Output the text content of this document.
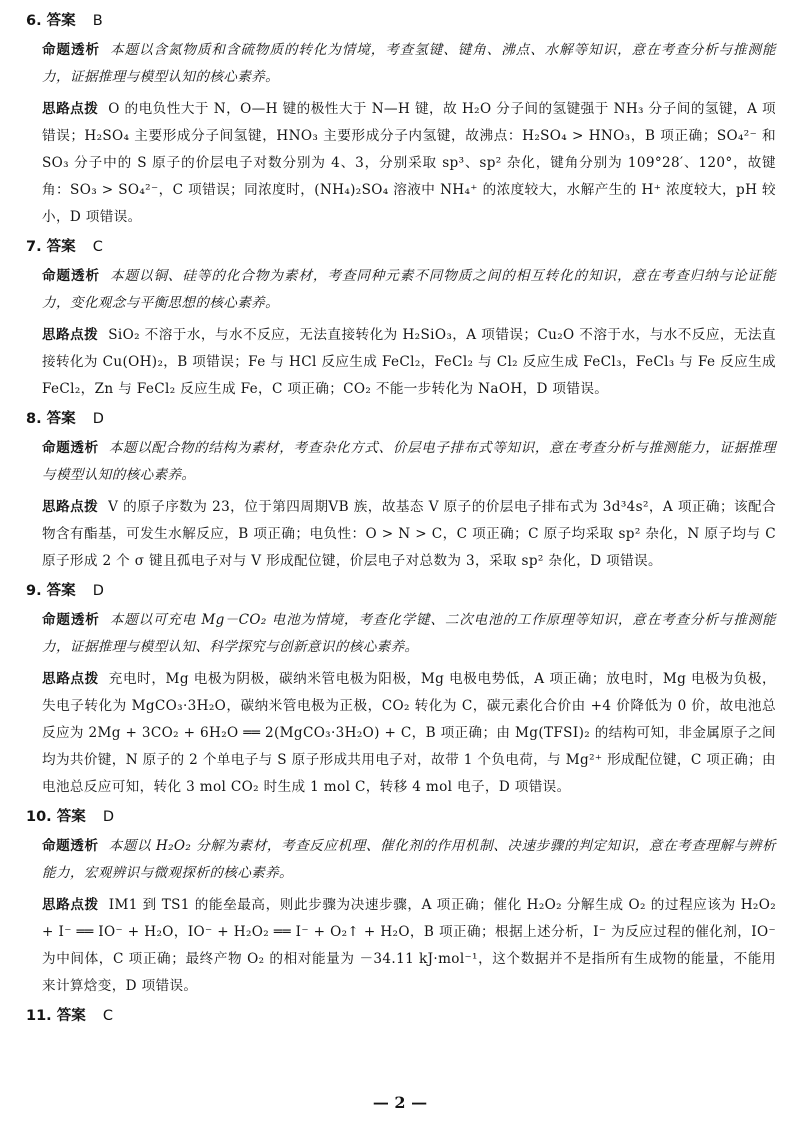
6. 答案 B
命题透析 本题以含氮物质和含硫物质的转化为情境，考查氢键、键角、沸点、水解等知识，意在考查分析与推测能力，证据推理与模型认知的核心素养。
思路点拨 O 的电负性大于 N，O—H 键的极性大于 N—H 键，故 H₂O 分子间的氢键强于 NH₃ 分子间的氢键，A 项错误；H₂SO₄ 主要形成分子间氢键，HNO₃ 主要形成分子内氢键，故沸点：H₂SO₄ > HNO₃，B 项正确；SO₄²⁻ 和 SO₃ 分子中的 S 原子的价层电子对数分别为 4、3，分别采取 sp³、sp² 杂化，键角分别为 109°28′、120°，故键角：SO₃ > SO₄²⁻，C 项错误；同浓度时，(NH₄)₂SO₄ 溶液中 NH₄⁺ 的浓度较大，水解产生的 H⁺ 浓度较大，pH 较小，D 项错误。
7. 答案 C
命题透析 本题以铜、硅等的化合物为素材，考查同种元素不同物质之间的相互转化的知识，意在考查归纳与论证能力，变化观念与平衡思想的核心素养。
思路点拨 SiO₂ 不溶于水，与水不反应，无法直接转化为 H₂SiO₃，A 项错误；Cu₂O 不溶于水，与水不反应，无法直接转化为 Cu(OH)₂，B 项错误；Fe 与 HCl 反应生成 FeCl₂，FeCl₂ 与 Cl₂ 反应生成 FeCl₃，FeCl₃ 与 Fe 反应生成 FeCl₂，Zn 与 FeCl₂ 反应生成 Fe，C 项正确；CO₂ 不能一步转化为 NaOH，D 项错误。
8. 答案 D
命题透析 本题以配合物的结构为素材，考查杂化方式、价层电子排布式等知识，意在考查分析与推测能力，证据推理与模型认知的核心素养。
思路点拨 V 的原子序数为 23，位于第四周期ⅤB 族，故基态 V 原子的价层电子排布式为 3d³4s²，A 项正确；该配合物含有酯基，可发生水解反应，B 项正确；电负性：O > N > C，C 项正确；C 原子均采取 sp² 杂化，N 原子均与 C 原子形成 2 个 σ 键且孤电子对与 V 形成配位键，价层电子对总数为 3，采取 sp² 杂化，D 项错误。
9. 答案 D
命题透析 本题以可充电 Mg－CO₂ 电池为情境，考查化学键、二次电池的工作原理等知识，意在考查分析与推测能力，证据推理与模型认知、科学探究与创新意识的核心素养。
思路点拨 充电时，Mg 电极为阴极，碳纳米管电极为阳极，Mg 电极电势低，A 项正确；放电时，Mg 电极为负极，失电子转化为 MgCO₃·3H₂O，碳纳米管电极为正极，CO₂ 转化为 C，碳元素化合价由 +4 价降低为 0 价，故电池总反应为 2Mg + 3CO₂ + 6H₂O ══ 2(MgCO₃·3H₂O) + C，B 项正确；由 Mg(TFSI)₂ 的结构可知，非金属原子之间均为共价键，N 原子的 2 个单电子与 S 原子形成共用电子对，故带 1 个负电荷，与 Mg²⁺ 形成配位键，C 项正确；由电池总反应可知，转化 3 mol CO₂ 时生成 1 mol C，转移 4 mol 电子，D 项错误。
10. 答案 D
命题透析 本题以 H₂O₂ 分解为素材，考查反应机理、催化剂的作用机制、决速步骤的判定知识，意在考查理解与辨析能力，宏观辨识与微观探析的核心素养。
思路点拨 IM1 到 TS1 的能垒最高，则此步骤为决速步骤，A 项正确；催化 H₂O₂ 分解生成 O₂ 的过程应该为 H₂O₂ + I⁻ ══ IO⁻ + H₂O，IO⁻ + H₂O₂ ══ I⁻ + O₂↑ + H₂O，B 项正确；根据上述分析，I⁻ 为反应过程的催化剂，IO⁻ 为中间体，C 项正确；最终产物 O₂ 的相对能量为 －34.11 kJ·mol⁻¹，这个数据并不是指所有生成物的能量，不能用来计算焓变，D 项错误。
11. 答案 C
— 2 —
